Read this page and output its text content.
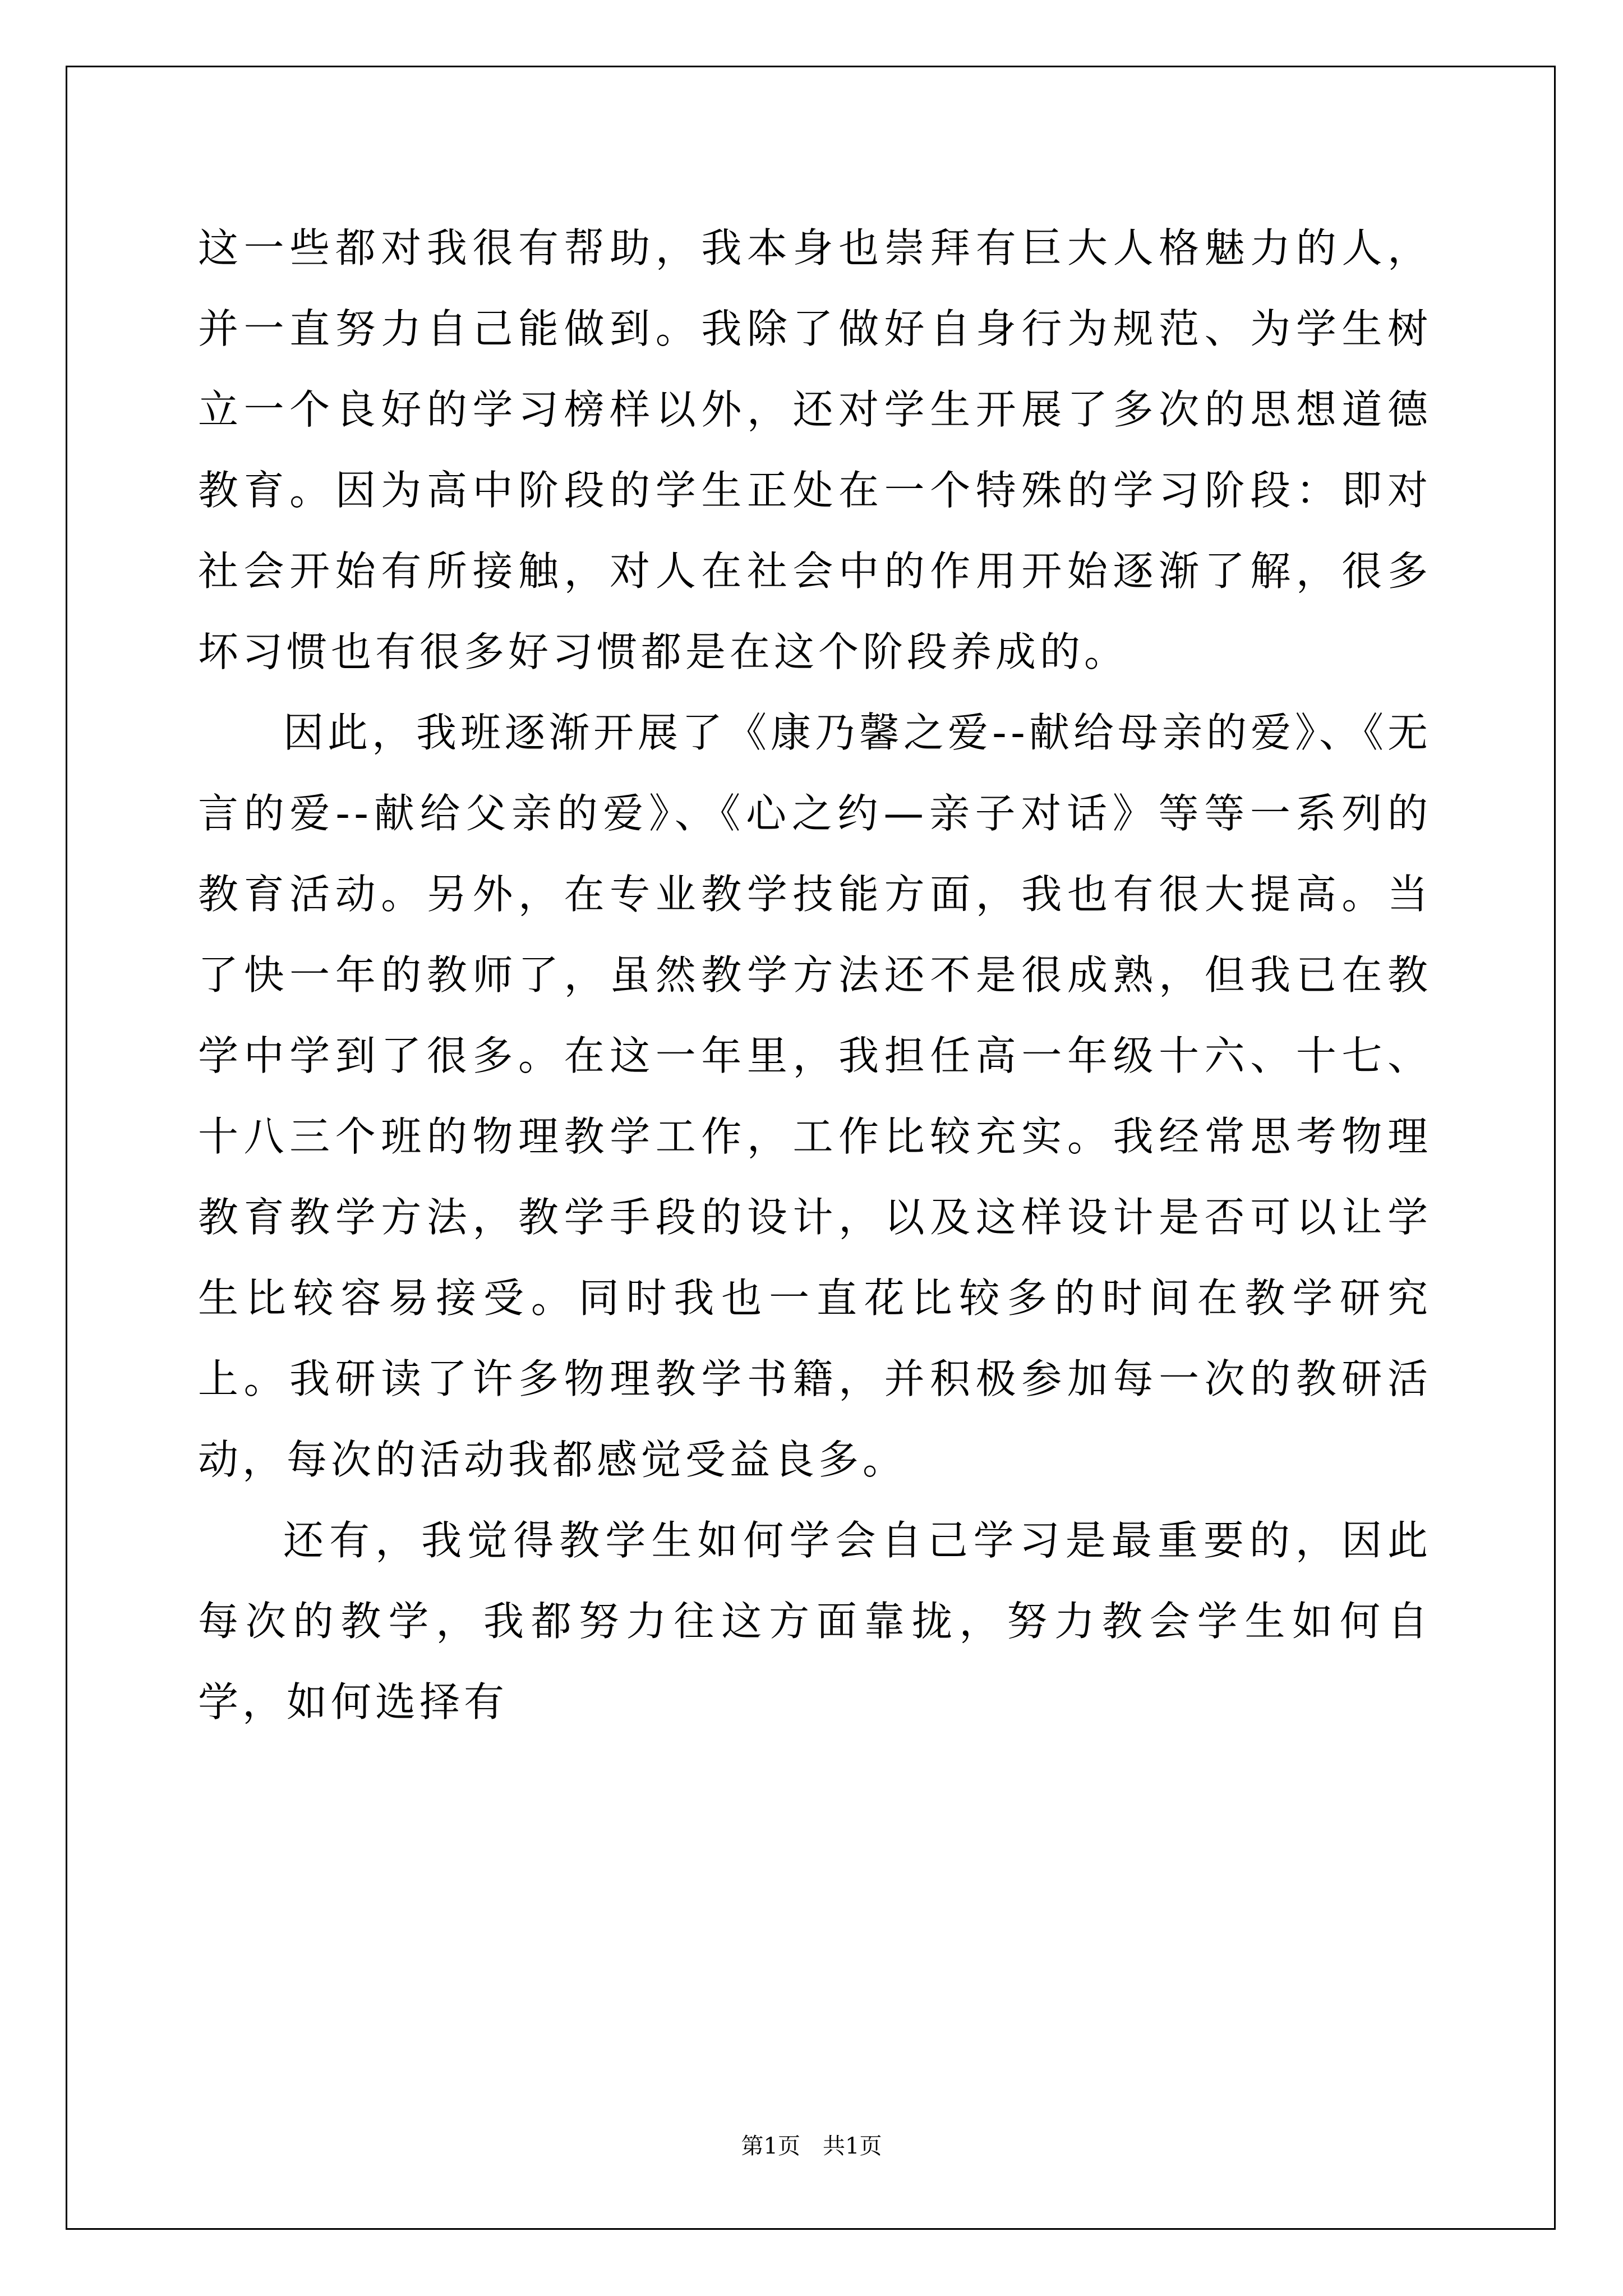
这一些都对我很有帮助，我本身也崇拜有巨大人格魅力的人，并一直努力自己能做到。我除了做好自身行为规范、为学生树立一个良好的学习榜样以外，还对学生开展了多次的思想道德教育。因为高中阶段的学生正处在一个特殊的学习阶段：即对社会开始有所接触，对人在社会中的作用开始逐渐了解，很多坏习惯也有很多好习惯都是在这个阶段养成的。

因此，我班逐渐开展了《康乃馨之爱--献给母亲的爱》、《无言的爱--献给父亲的爱》、《心之约—亲子对话》等等一系列的教育活动。另外，在专业教学技能方面，我也有很大提高。当了快一年的教师了，虽然教学方法还不是很成熟，但我已在教学中学到了很多。在这一年里，我担任高一年级十六、十七、十八三个班的物理教学工作，工作比较充实。我经常思考物理教育教学方法，教学手段的设计，以及这样设计是否可以让学生比较容易接受。同时我也一直花比较多的时间在教学研究上。我研读了许多物理教学书籍，并积极参加每一次的教研活动，每次的活动我都感觉受益良多。

还有，我觉得教学生如何学会自己学习是最重要的，因此每次的教学，我都努力往这方面靠拢，努力教会学生如何自学，如何选择有

第1页　共1页
